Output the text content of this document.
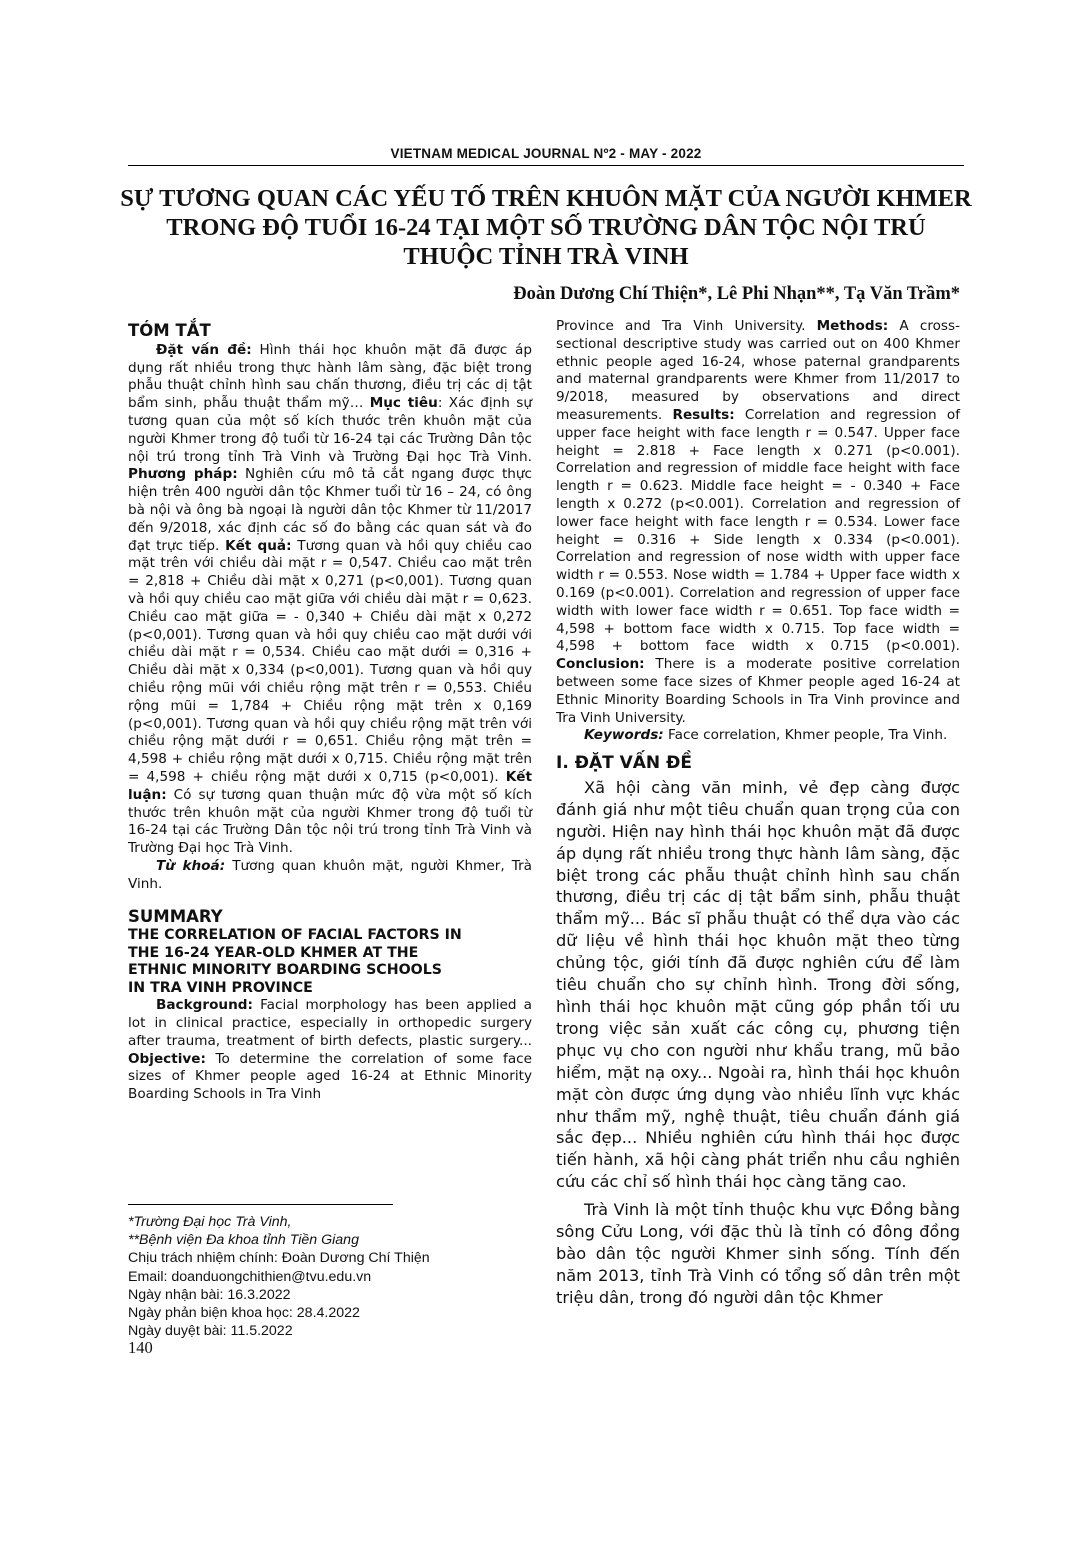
VIETNAM MEDICAL JOURNAL Nº2 - MAY - 2022
SỰ TƯƠNG QUAN CÁC YẾU TỐ TRÊN KHUÔN MẶT CỦA NGƯỜI KHMER
TRONG ĐỘ TUỔI 16-24 TẠI MỘT SỐ TRƯỜNG DÂN TỘC NỘI TRÚ
THUỘC TỈNH TRÀ VINH
Đoàn Dương Chí Thiện*, Lê Phi Nhạn**, Tạ Văn Trầm*
TÓM TẮT

Đặt vấn đề: Hình thái học khuôn mặt đã được áp dụng rất nhiều trong thực hành lâm sàng, đặc biệt trong phẫu thuật chỉnh hình sau chấn thương, điều trị các dị tật bẩm sinh, phẫu thuật thẩm mỹ… Mục tiêu: Xác định sự tương quan của một số kích thước trên khuôn mặt của người Khmer trong độ tuổi từ 16-24 tại các Trường Dân tộc nội trú trong tỉnh Trà Vinh và Trường Đại học Trà Vinh. Phương pháp: Nghiên cứu mô tả cắt ngang được thực hiện trên 400 người dân tộc Khmer tuổi từ 16 – 24, có ông bà nội và ông bà ngoại là người dân tộc Khmer từ 11/2017 đến 9/2018, xác định các số đo bằng các quan sát và đo đạt trực tiếp. Kết quả: Tương quan và hồi quy chiều cao mặt trên với chiều dài mặt r = 0,547. Chiều cao mặt trên = 2,818 + Chiều dài mặt x 0,271 (p<0,001). Tương quan và hồi quy chiều cao mặt giữa với chiều dài mặt r = 0,623. Chiều cao mặt giữa = - 0,340 + Chiều dài mặt x 0,272 (p<0,001). Tương quan và hồi quy chiều cao mặt dưới với chiều dài mặt r = 0,534. Chiều cao mặt dưới = 0,316 + Chiều dài mặt x 0,334 (p<0,001). Tương quan và hồi quy chiều rộng mũi với chiều rộng mặt trên r = 0,553. Chiều rộng mũi = 1,784 + Chiều rộng mặt trên x 0,169 (p<0,001). Tương quan và hồi quy chiều rộng mặt trên với chiều rộng mặt dưới r = 0,651. Chiều rộng mặt trên = 4,598 + chiều rộng mặt dưới x 0,715. Chiều rộng mặt trên = 4,598 + chiều rộng mặt dưới x 0,715 (p<0,001). Kết luận: Có sự tương quan thuận mức độ vừa một số kích thước trên khuôn mặt của người Khmer trong độ tuổi từ 16-24 tại các Trường Dân tộc nội trú trong tỉnh Trà Vinh và Trường Đại học Trà Vinh.

Từ khoá: Tương quan khuôn mặt, người Khmer, Trà Vinh.

SUMMARY

THE CORRELATION OF FACIAL FACTORS IN

THE 16-24 YEAR-OLD KHMER AT THE

ETHNIC MINORITY BOARDING SCHOOLS

IN TRA VINH PROVINCE

Background: Facial morphology has been applied a lot in clinical practice, especially in orthopedic surgery after trauma, treatment of birth defects, plastic surgery... Objective: To determine the correlation of some face sizes of Khmer people aged 16-24 at Ethnic Minority Boarding Schools in Tra Vinh

*Trường Đại học Trà Vinh,
**Bệnh viện Đa khoa tỉnh Tiền Giang
Chịu trách nhiệm chính: Đoàn Dương Chí Thiện
Email: doanduongchithien@tvu.edu.vn
Ngày nhận bài: 16.3.2022
Ngày phản biện khoa học: 28.4.2022
Ngày duyệt bài: 11.5.2022
140

Province and Tra Vinh University. Methods: A cross-sectional descriptive study was carried out on 400 Khmer ethnic people aged 16-24, whose paternal grandparents and maternal grandparents were Khmer from 11/2017 to 9/2018, measured by observations and direct measurements. Results: Correlation and regression of upper face height with face length r = 0.547. Upper face height = 2.818 + Face length x 0.271 (p<0.001). Correlation and regression of middle face height with face length r = 0.623. Middle face height = - 0.340 + Face length x 0.272 (p<0.001). Correlation and regression of lower face height with face length r = 0.534. Lower face height = 0.316 + Side length x 0.334 (p<0.001). Correlation and regression of nose width with upper face width r = 0.553. Nose width = 1.784 + Upper face width x 0.169 (p<0.001). Correlation and regression of upper face width with lower face width r = 0.651. Top face width = 4,598 + bottom face width x 0.715. Top face width = 4,598 + bottom face width x 0.715 (p<0.001). Conclusion: There is a moderate positive correlation between some face sizes of Khmer people aged 16-24 at Ethnic Minority Boarding Schools in Tra Vinh province and Tra Vinh University.

Keywords: Face correlation, Khmer people, Tra Vinh.

I. ĐẶT VẤN ĐỀ

Xã hội càng văn minh, vẻ đẹp càng được đánh giá như một tiêu chuẩn quan trọng của con người. Hiện nay hình thái học khuôn mặt đã được áp dụng rất nhiều trong thực hành lâm sàng, đặc biệt trong các phẫu thuật chỉnh hình sau chấn thương, điều trị các dị tật bẩm sinh, phẫu thuật thẩm mỹ... Bác sĩ phẫu thuật có thể dựa vào các dữ liệu về hình thái học khuôn mặt theo từng chủng tộc, giới tính đã được nghiên cứu để làm tiêu chuẩn cho sự chỉnh hình. Trong đời sống, hình thái học khuôn mặt cũng góp phần tối ưu trong việc sản xuất các công cụ, phương tiện phục vụ cho con người như khẩu trang, mũ bảo hiểm, mặt nạ oxy... Ngoài ra, hình thái học khuôn mặt còn được ứng dụng vào nhiều lĩnh vực khác như thẩm mỹ, nghệ thuật, tiêu chuẩn đánh giá sắc đẹp... Nhiều nghiên cứu hình thái học được tiến hành, xã hội càng phát triển nhu cầu nghiên cứu các chỉ số hình thái học càng tăng cao.

Trà Vinh là một tỉnh thuộc khu vực Đồng bằng sông Cửu Long, với đặc thù là tỉnh có đông đồng bào dân tộc người Khmer sinh sống. Tính đến năm 2013, tỉnh Trà Vinh có tổng số dân trên một triệu dân, trong đó người dân tộc Khmer
